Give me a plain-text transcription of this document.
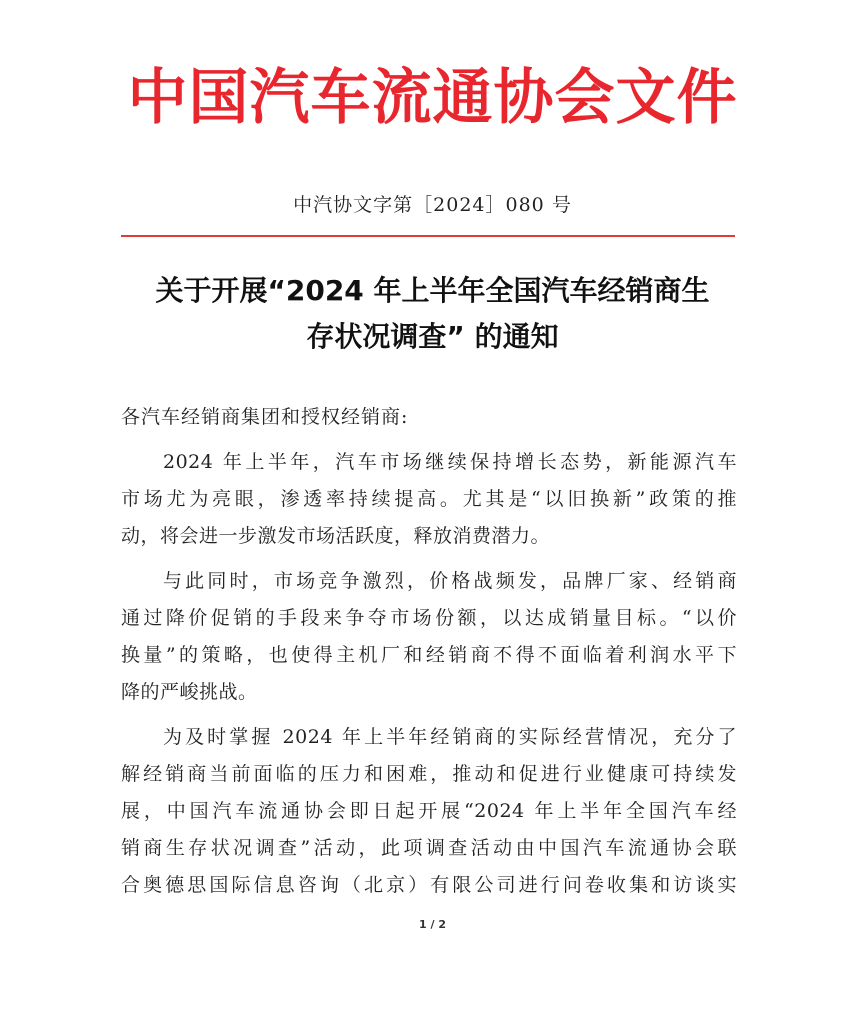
中国汽车流通协会文件
中汽协文字第［2024］080 号
关于开展“2024 年上半年全国汽车经销商生
存状况调查” 的通知
各汽车经销商集团和授权经销商:
2024 年上半年，汽车市场继续保持增长态势，新能源汽车
市场尤为亮眼，渗透率持续提高。尤其是“以旧换新”政策的推
动，将会进一步激发市场活跃度，释放消费潜力。
与此同时，市场竞争激烈，价格战频发，品牌厂家、经销商
通过降价促销的手段来争夺市场份额，以达成销量目标。“以价
换量”的策略，也使得主机厂和经销商不得不面临着利润水平下
降的严峻挑战。
为及时掌握 2024 年上半年经销商的实际经营情况，充分了
解经销商当前面临的压力和困难，推动和促进行业健康可持续发
展，中国汽车流通协会即日起开展“2024 年上半年全国汽车经
销商生存状况调查”活动，此项调查活动由中国汽车流通协会联
合奥德思国际信息咨询（北京）有限公司进行问卷收集和访谈实
1 / 2
